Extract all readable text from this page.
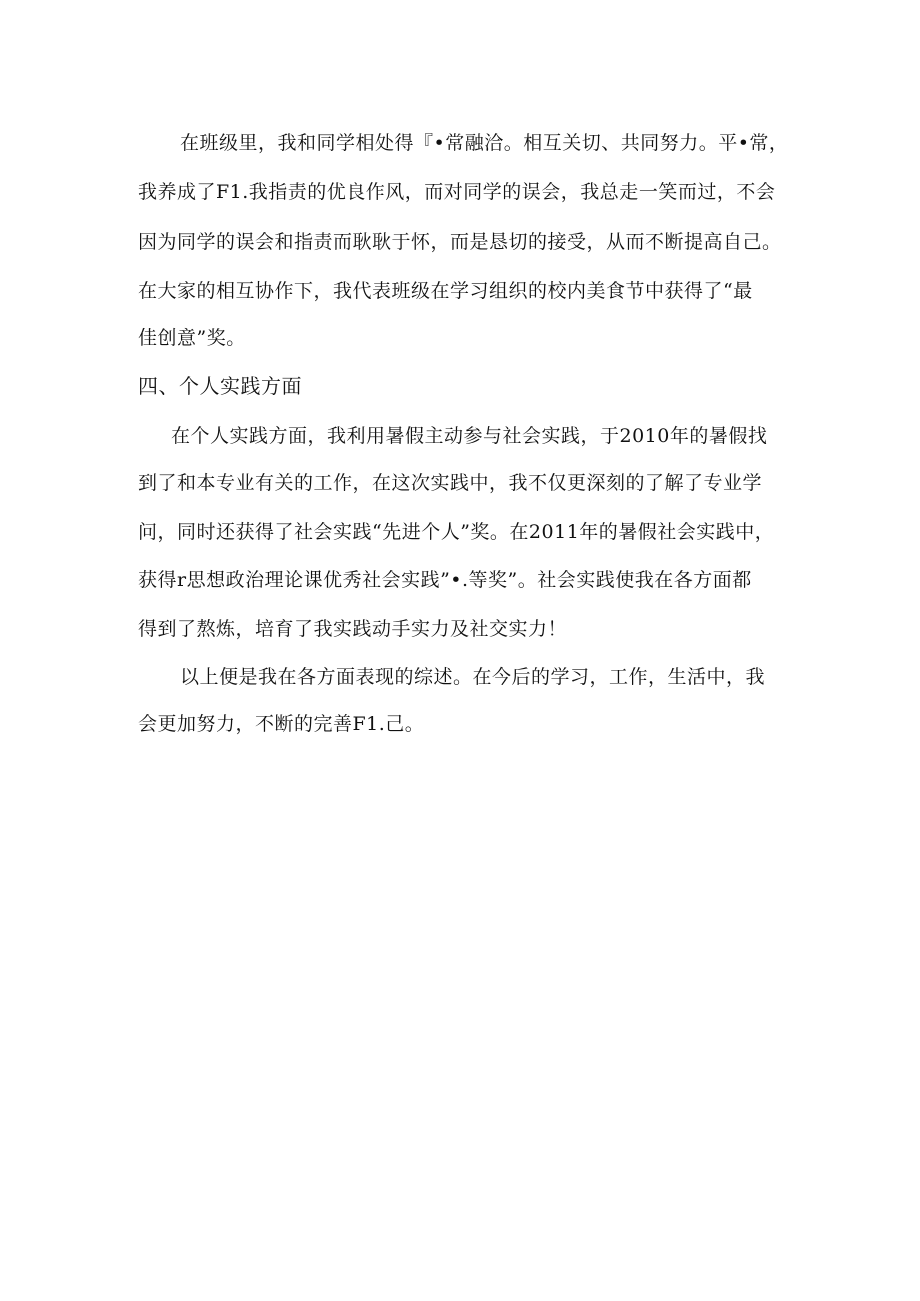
在班级里，我和同学相处得『•常融洽。相互关切、共同努力。平•常，
我养成了F1.我指责的优良作风，而对同学的误会，我总走一笑而过，不会
因为同学的误会和指责而耿耿于怀，而是恳切的接受，从而不断提高自己。
在大家的相互协作下，我代表班级在学习组织的校内美食节中获得了“最
佳创意”奖。
四、个人实践方面
在个人实践方面，我利用暑假主动参与社会实践，于2010年的暑假找
到了和本专业有关的工作，在这次实践中，我不仅更深刻的了解了专业学
问，同时还获得了社会实践“先进个人”奖。在2011年的暑假社会实践中，
获得r思想政治理论课优秀社会实践”•.等奖”。社会实践使我在各方面都
得到了熬炼，培育了我实践动手实力及社交实力！
以上便是我在各方面表现的综述。在今后的学习，工作，生活中，我
会更加努力，不断的完善F1.己。
